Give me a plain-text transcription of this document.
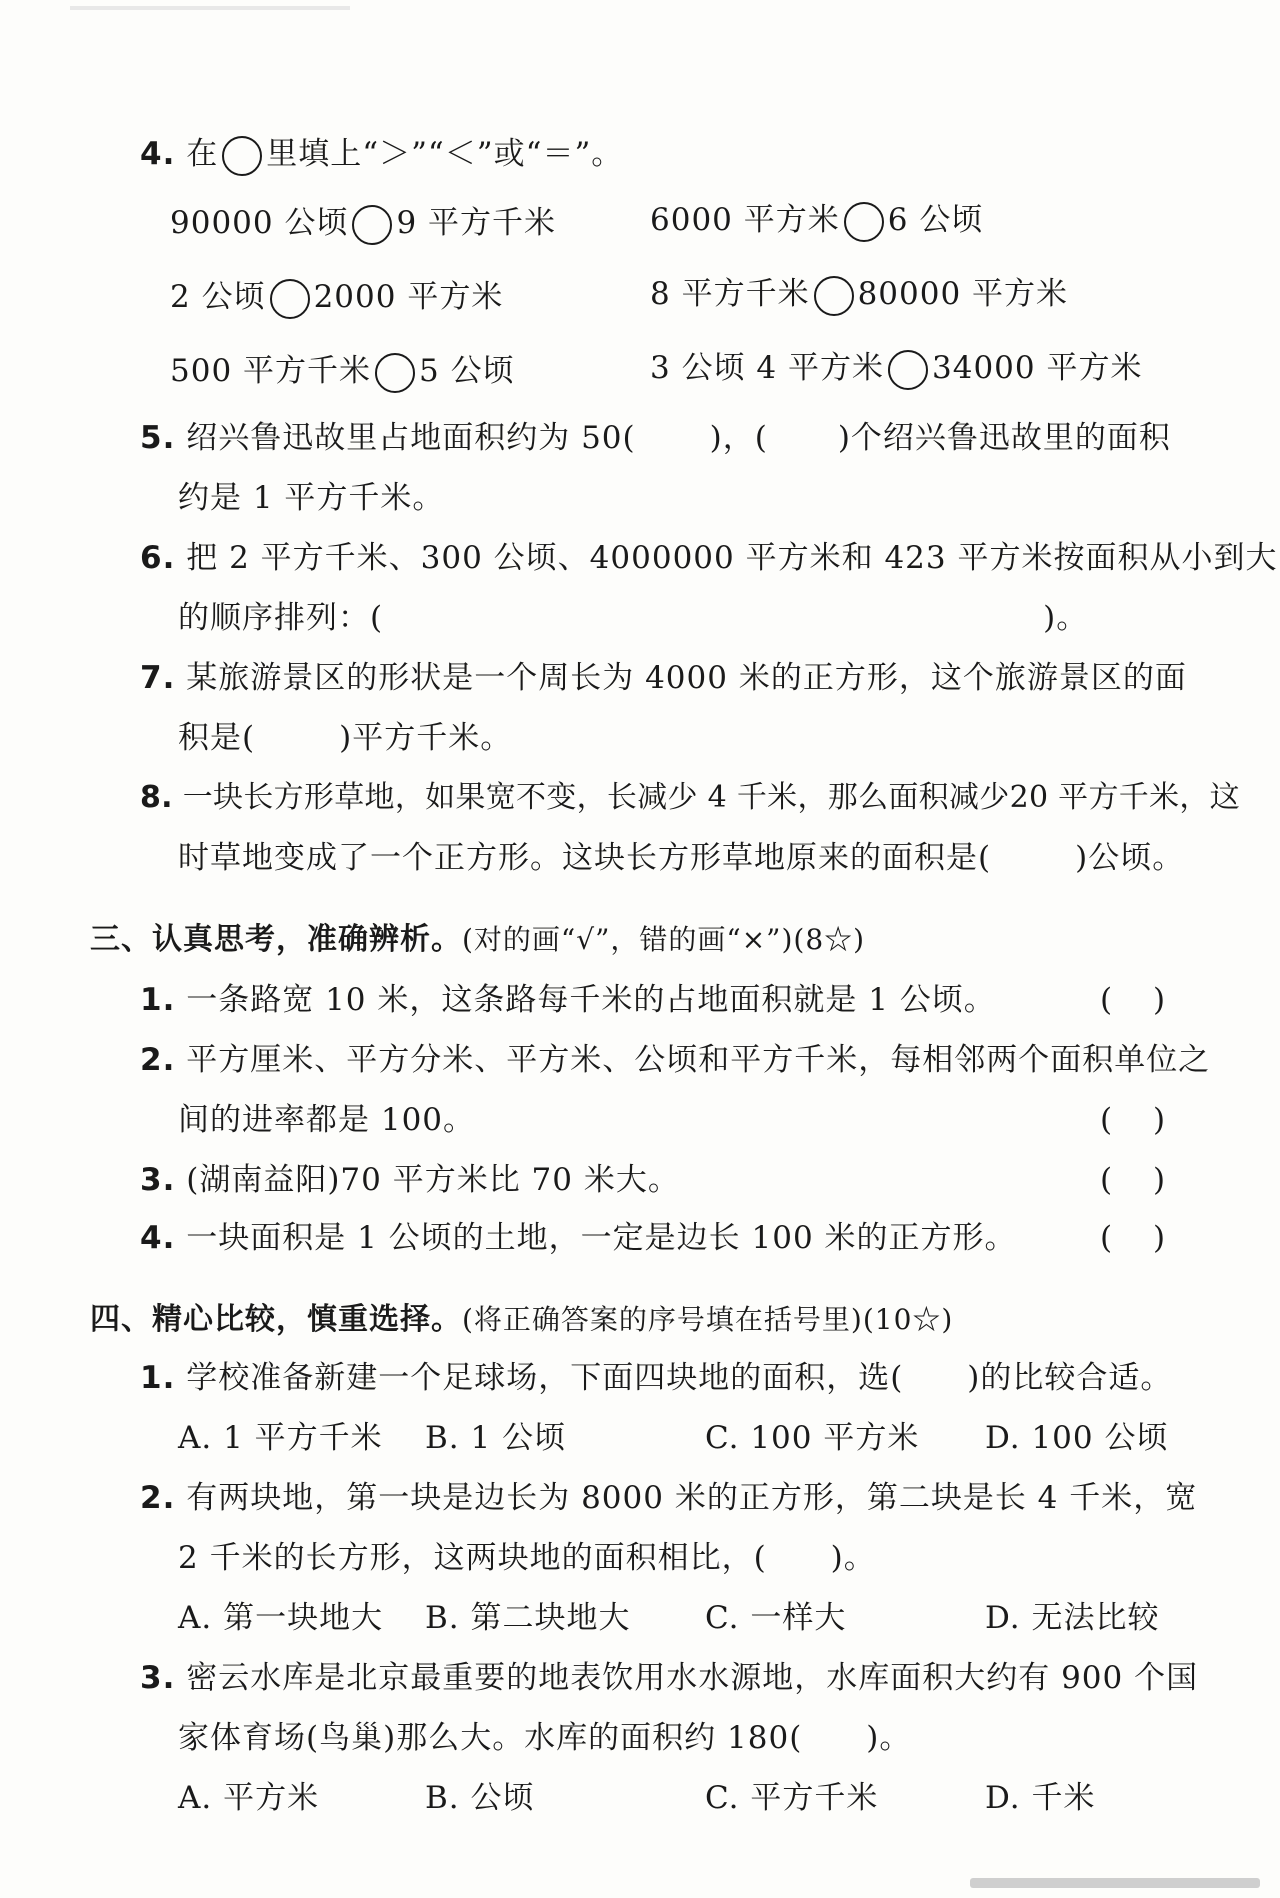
4. 在 里填上“＞”“＜”或“＝”。
90000 公顷 9 平方千米	6000 平方米 6 公顷
2 公顷 2000 平方米	8 平方千米 80000 平方米
500 平方千米 5 公顷	3 公顷 4 平方米 34000 平方米
5. 绍兴鲁迅故里占地面积约为 50( )，( )个绍兴鲁迅故里的面积
约是 1 平方千米。
6. 把 2 平方千米、300 公顷、4000000 平方米和 423 平方米按面积从小到大
的顺序排列：(	)。
7. 某旅游景区的形状是一个周长为 4000 米的正方形，这个旅游景区的面
积是(	)平方千米。
8. 一块长方形草地，如果宽不变，长减少 4 千米，那么面积减少20 平方千米，这
时草地变成了一个正方形。这块长方形草地原来的面积是(	)公顷。
三、认真思考，准确辨析。(对的画“√”，错的画“×”)(8☆)
1. 一条路宽 10 米，这条路每千米的占地面积就是 1 公顷。	(　 )
2. 平方厘米、平方分米、平方米、公顷和平方千米，每相邻两个面积单位之
间的进率都是 100。	(　 )
3. (湖南益阳)70 平方米比 70 米大。	(　 )
4. 一块面积是 1 公顷的土地，一定是边长 100 米的正方形。	(　 )
四、精心比较，慎重选择。(将正确答案的序号填在括号里)(10☆)
1. 学校准备新建一个足球场，下面四块地的面积，选(　　)的比较合适。
A. 1 平方千米 B. 1 公顷	C. 100 平方米 D. 100 公顷
2. 有两块地，第一块是边长为 8000 米的正方形，第二块是长 4 千米，宽
2 千米的长方形，这两块地的面积相比，(　　)。
A. 第一块地大 B. 第二块地大 C. 一样大	D. 无法比较
3. 密云水库是北京最重要的地表饮用水水源地，水库面积大约有 900 个国
家体育场(鸟巢)那么大。水库的面积约 180(　　)。
A. 平方米	B. 公顷	C. 平方千米	D. 千米
